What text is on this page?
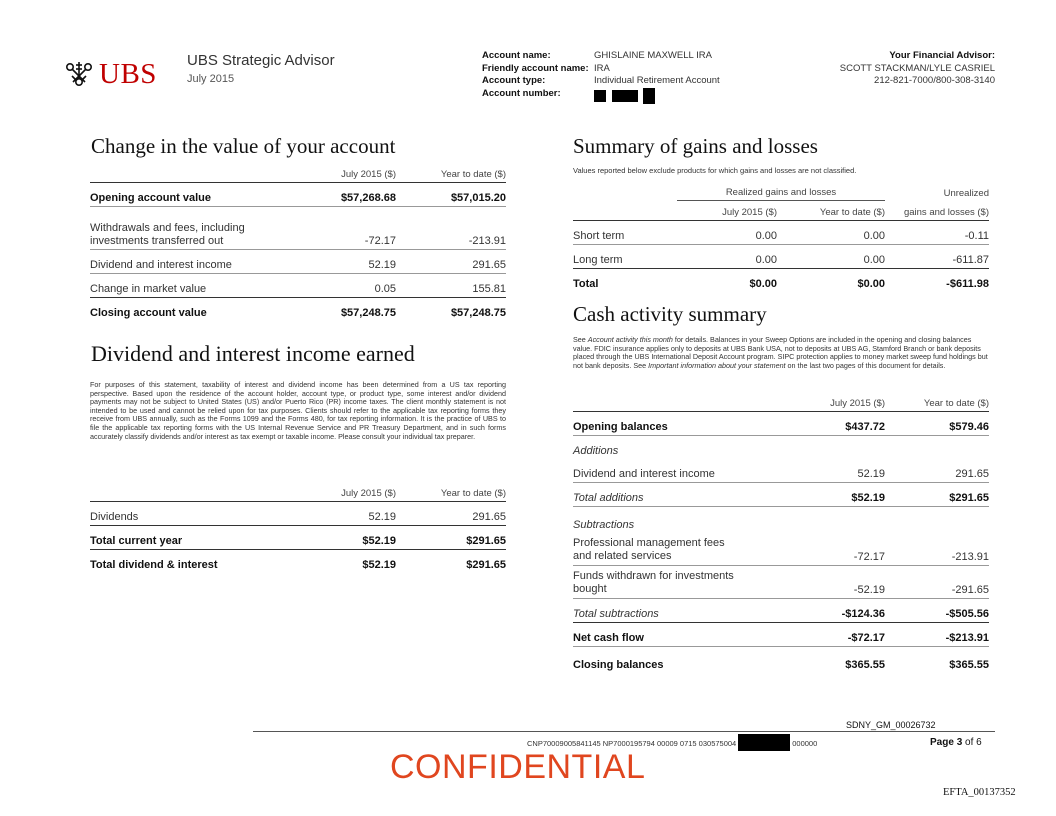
UBS UBS Strategic Advisor
July 2015
Account name:	GHISLAINE MAXWELL IRA
Friendly account name: IRA
Account type:	Individual Retirement Account
Account number:

Your Financial Advisor:
SCOTT STACKMAN/LYLE CASRIEL
212-821-7000/800-308-3140
Change in the value of your account
	July 2015 ($)	Year to date ($)
Opening account value	$57,268.68	$57,015.20
Withdrawals and fees, including investments transferred out	-72.17	-213.91
Dividend and interest income	52.19	291.65
Change in market value	0.05	155.81
Closing account value	$57,248.75	$57,248.75
Dividend and interest income earned
For purposes of this statement, taxability of interest and dividend income has been determined from a US tax reporting perspective. Based upon the residence of the account holder, account type, or product type, some interest and/or dividend payments may not be subject to United States (US) and/or Puerto Rico (PR) income taxes. The client monthly statement is not intended to be used and cannot be relied upon for tax purposes. Clients should refer to the applicable tax reporting forms they receive from UBS annually, such as the Forms 1099 and the Forms 480, for tax reporting information. It is the practice of UBS to file the applicable tax reporting forms with the US Internal Revenue Service and PR Treasury Department, and in such forms accurately classify dividends and/or interest as tax exempt or taxable income. Please consult your individual tax preparer.
	July 2015 ($)	Year to date ($)
Dividends	52.19	291.65
Total current year	$52.19	$291.65
Total dividend & interest	$52.19	$291.65
Summary of gains and losses
Values reported below exclude products for which gains and losses are not classified.
	Realized gains and losses		Unrealized
	July 2015 ($)	Year to date ($)	gains and losses ($)
Short term	0.00	0.00	-0.11
Long term	0.00	0.00	-611.87
Total	$0.00	$0.00	-$611.98
Cash activity summary
See Account activity this month for details. Balances in your Sweep Options are included in the opening and closing balances value. FDIC insurance applies only to deposits at UBS Bank USA, not to deposits at UBS AG, Stamford Branch or bank deposits placed through the UBS International Deposit Account program. SIPC protection applies to money market sweep fund holdings but not bank deposits. See Important information about your statement on the last two pages of this document for details.
	July 2015 ($)	Year to date ($)
Opening balances	$437.72	$579.46
Additions		
Dividend and interest income	52.19	291.65
Total additions	$52.19	$291.65
Subtractions		
Professional management fees and related services	-72.17	-213.91
Funds withdrawn for investments bought	-52.19	-291.65
Total subtractions	-$124.36	-$505.56
Net cash flow	-$72.17	-$213.91
Closing balances	$365.55	$365.55
SDNY_GM_00026732
CNP70009005841145 NP7000195794 00009 0715 030575004	000000	Page 3 of 6
CONFIDENTIAL
EFTA_00137352
